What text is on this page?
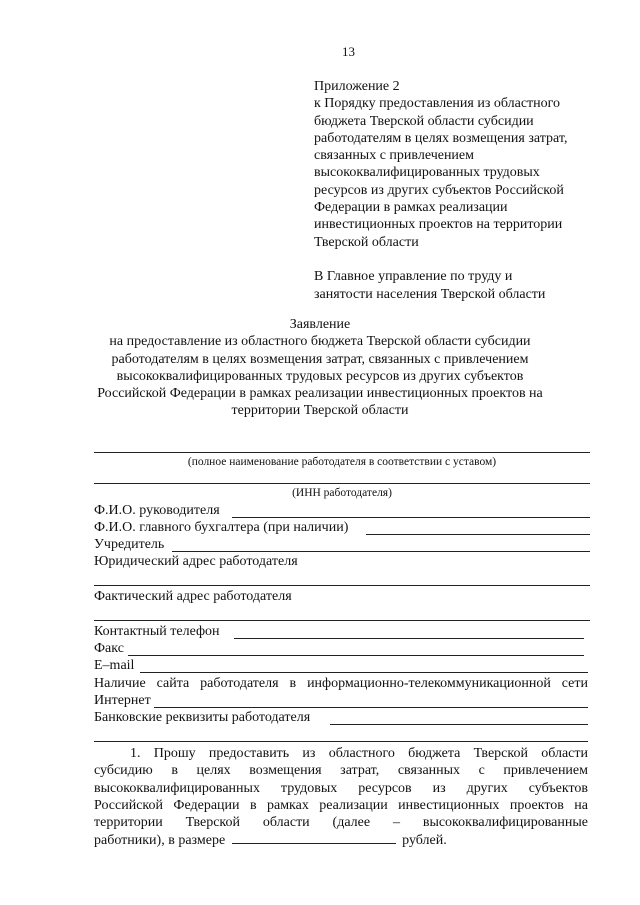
13
Приложение 2
к Порядку предоставления из областного
бюджета Тверской области субсидии
работодателям в целях возмещения затрат,
связанных с привлечением
высококвалифицированных трудовых
ресурсов из других субъектов Российской
Федерации в рамках реализации
инвестиционных проектов на территории
Тверской области
В Главное управление по труду и
занятости населения Тверской области
Заявление
на предоставление из областного бюджета Тверской области субсидии
работодателям в целях возмещения затрат, связанных с привлечением
высококвалифицированных трудовых ресурсов из других субъектов
Российской Федерации в рамках реализации инвестиционных проектов на
территории Тверской области
(полное наименование работодателя в соответствии с уставом)
(ИНН работодателя)
Ф.И.О. руководителя
Ф.И.О. главного бухгалтера (при наличии)
Учредитель
Юридический адрес работодателя
Фактический адрес работодателя
Контактный телефон
Факс
E–mail
Наличие сайта работодателя в информационно-телекоммуникационной сети
Интернет
Банковские реквизиты работодателя
1. Прошу предоставить из областного бюджета Тверской области
субсидию в целях возмещения затрат, связанных с привлечением
высококвалифицированных трудовых ресурсов из других субъектов
Российской Федерации в рамках реализации инвестиционных проектов на
территории Тверской области (далее – высококвалифицированные
работники), в размере	рублей.
